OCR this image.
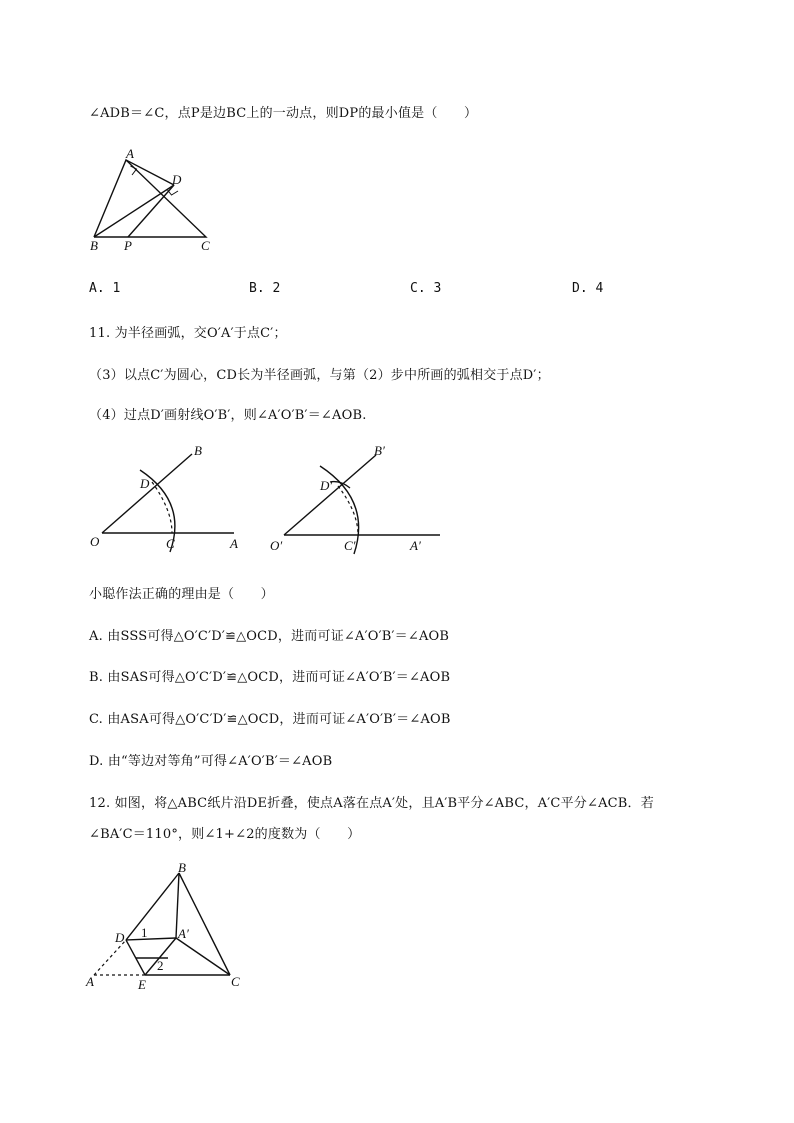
∠ADB＝∠C，点P是边BC上的一动点，则DP的最小值是（　　）
A
D
B P	C
A. 1	B. 2	C. 3	D. 4
11. 为半径画弧，交O′A′于点C′；
（3）以点C′为圆心，CD长为半径画弧，与第（2）步中所画的弧相交于点D′；
（4）过点D′画射线O′B′，则∠A′O′B′＝∠AOB.
B
D
O	C	A
B′
D′
O′	C′	A′
小聪作法正确的理由是（　　）
A. 由SSS可得△O′C′D′≌△OCD，进而可证∠A′O′B′＝∠AOB
B. 由SAS可得△O′C′D′≌△OCD，进而可证∠A′O′B′＝∠AOB
C. 由ASA可得△O′C′D′≌△OCD，进而可证∠A′O′B′＝∠AOB
D. 由“等边对等角”可得∠A′O′B′＝∠AOB
12. 如图，将△ABC纸片沿DE折叠，使点A落在点A′处，且A′B平分∠ABC，A′C平分∠ACB．若
∠BA′C＝110°，则∠1+∠2的度数为（　　）
B
D 1 A′
2
A	E	C
